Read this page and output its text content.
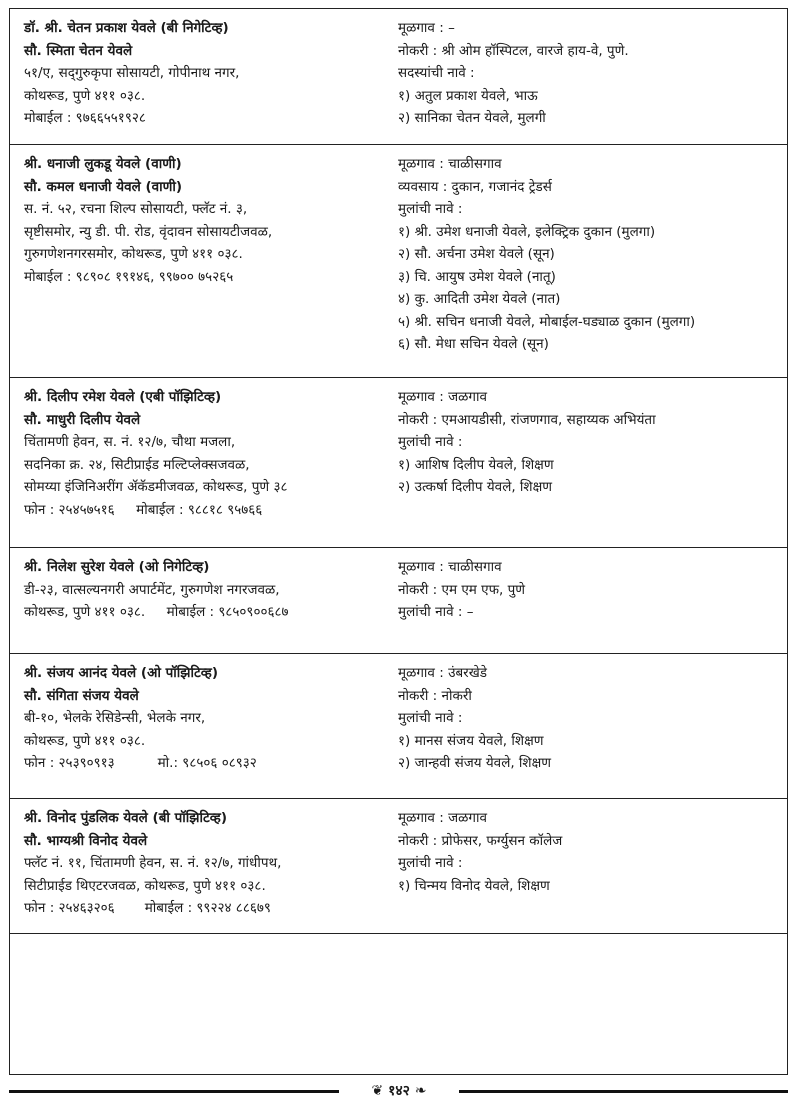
डॉ. श्री. चेतन प्रकाश येवले (बी निगेटिव्ह)
सौ. स्मिता चेतन येवले
५१/ए, सद्‌गुरुकृपा सोसायटी, गोपीनाथ नगर,
कोथरूड, पुणे ४११ ०३८.
मोबाईल : ९७६६५५१९२८
मूळगाव : –
नोकरी : श्री ओम हॉस्पिटल, वारजे हाय-वे, पुणे.
सदस्यांची नावे :
१) अतुल प्रकाश येवले, भाऊ
२) सानिका चेतन येवले, मुलगी
श्री. धनाजी लुकडू येवले (वाणी)
सौ. कमल धनाजी येवले (वाणी)
स. नं. ५२, रचना शिल्प सोसायटी, फ्लॅट नं. ३,
सृष्टीसमोर, न्यु डी. पी. रोड, वृंदावन सोसायटीजवळ,
गुरुगणेशनगरसमोर, कोथरूड, पुणे ४११ ०३८.
मोबाईल : ९८९०८ १९१४६, ९९७०० ७५२६५
मूळगाव : चाळीसगाव
व्यवसाय : दुकान, गजानंद ट्रेडर्स
मुलांची नावे :
१) श्री. उमेश धनाजी येवले, इलेक्ट्रिक दुकान (मुलगा)
२) सौ. अर्चना उमेश येवले (सून)
३) चि. आयुष उमेश येवले (नातू)
४) कु. आदिती उमेश येवले (नात)
५) श्री. सचिन धनाजी येवले, मोबाईल-घड्याळ दुकान (मुलगा)
६) सौ. मेधा सचिन येवले (सून)
श्री. दिलीप रमेश येवले (एबी पॉझिटिव्ह)
सौ. माधुरी दिलीप येवले
चिंतामणी हेवन, स. नं. १२/७, चौथा मजला,
सदनिका क्र. २४, सिटीप्राईड मल्टिप्लेक्सजवळ,
सोमय्या इंजिनिअरींग ॲकॅडमीजवळ, कोथरूड, पुणे ३८
फोन : २५४५७५१६     मोबाईल : ९८८१८ ९५७६६
मूळगाव : जळगाव
नोकरी : एमआयडीसी, रांजणगाव, सहाय्यक अभियंता
मुलांची नावे :
१) आशिष दिलीप येवले, शिक्षण
२) उत्कर्षा दिलीप येवले, शिक्षण
श्री. निलेश सुरेश येवले (ओ निगेटिव्ह)
डी-२३, वात्सल्यनगरी अपार्टमेंट, गुरुगणेश नगरजवळ,
कोथरूड, पुणे ४११ ०३८.     मोबाईल : ९८५०९००६८७
मूळगाव : चाळीसगाव
नोकरी : एम एम एफ, पुणे
मुलांची नावे : –
श्री. संजय आनंद येवले (ओ पॉझिटिव्ह)
सौ. संगिता संजय येवले
बी-१०, भेलके रेसिडेन्सी, भेलके नगर,
कोथरूड, पुणे ४११ ०३८.
फोन : २५३९०९१३          मो.: ९८५०६ ०८९३२
मूळगाव : उंबरखेडे
नोकरी : नोकरी
मुलांची नावे :
१) मानस संजय येवले, शिक्षण
२) जान्हवी संजय येवले, शिक्षण
श्री. विनोद पुंडलिक येवले (बी पॉझिटिव्ह)
सौ. भाग्यश्री विनोद येवले
फ्लॅट नं. ११, चिंतामणी हेवन, स. नं. १२/७, गांधीपथ,
सिटीप्राईड थिएटरजवळ, कोथरूड, पुणे ४११ ०३८.
फोन : २५४६३२०६       मोबाईल : ९९२२४ ८८६७९
मूळगाव : जळगाव
नोकरी : प्रोफेसर, फर्ग्युसन कॉलेज
मुलांची नावे :
१) चिन्मय विनोद येवले, शिक्षण
❦ १४२ ❧
